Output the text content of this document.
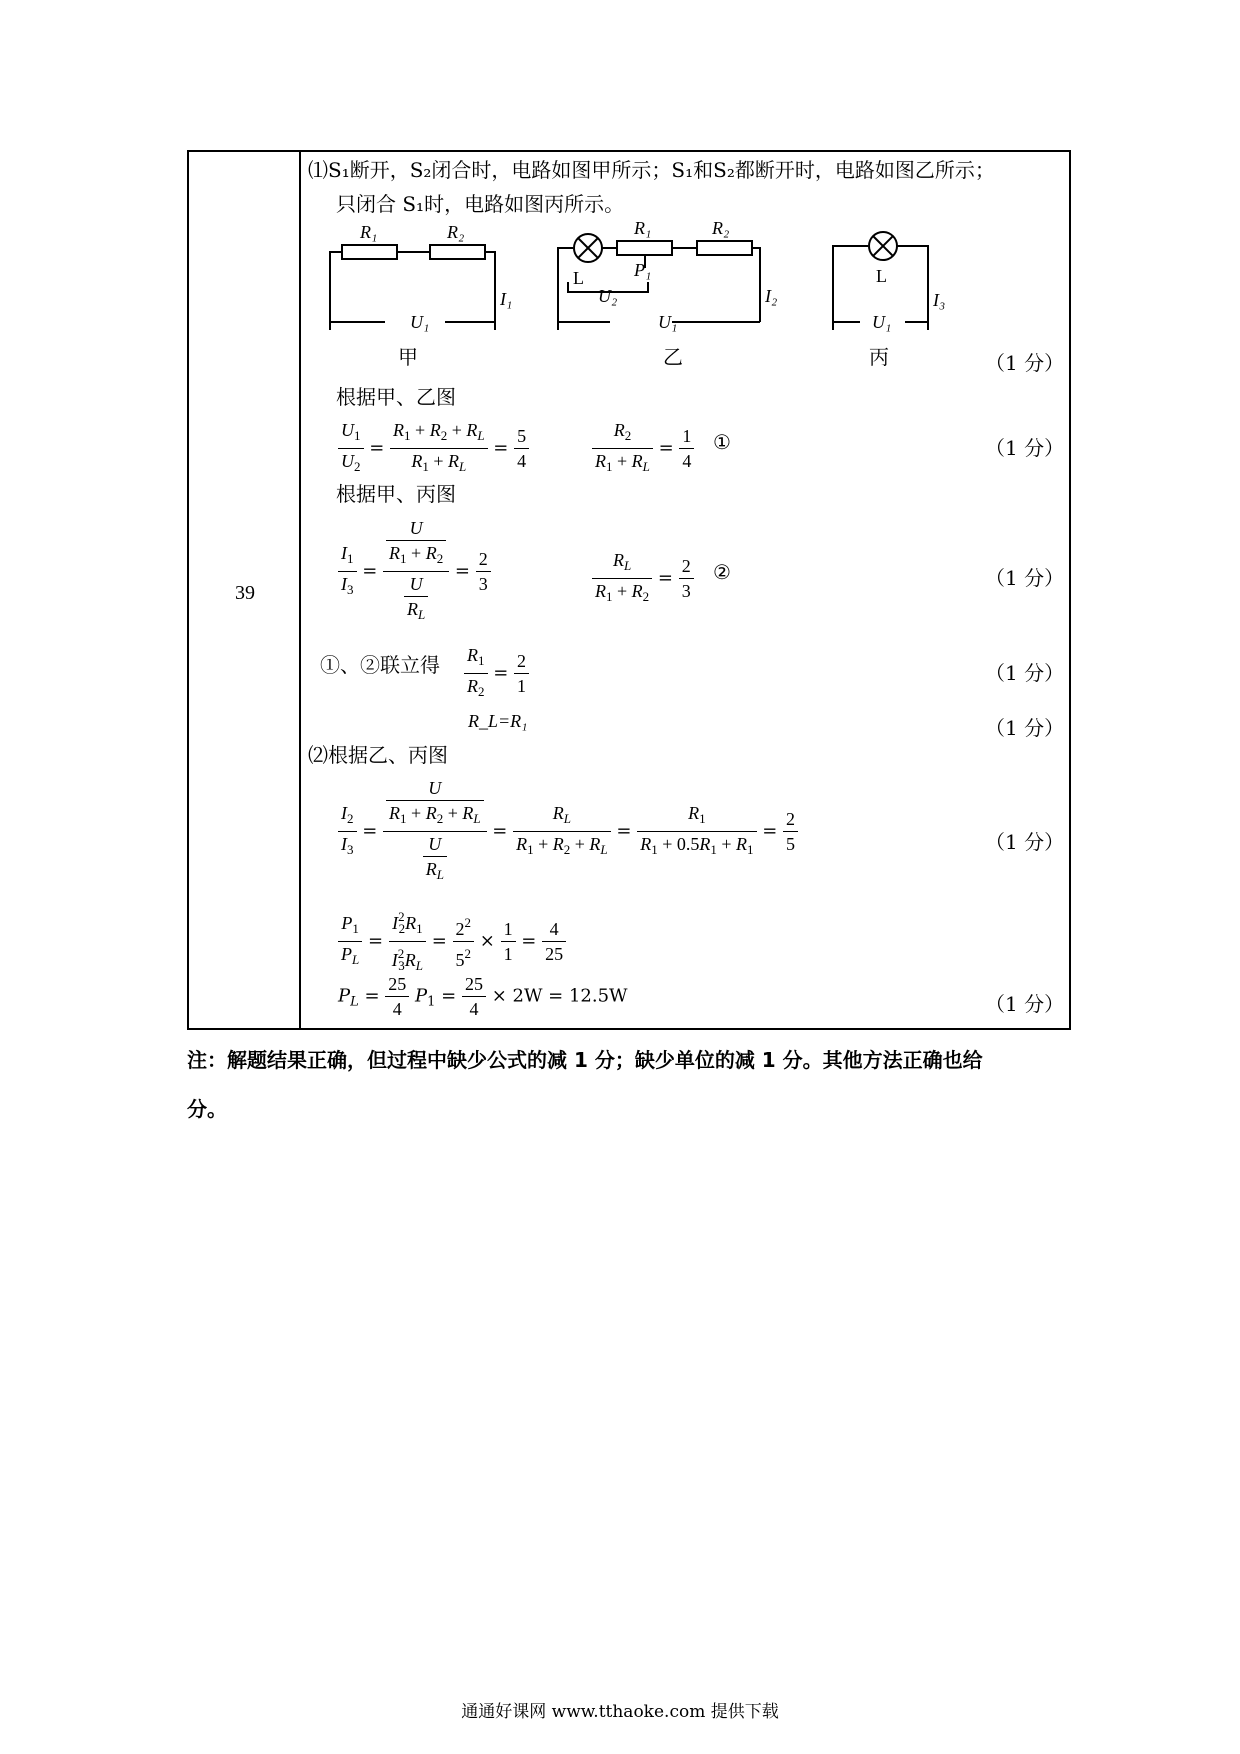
39
⑴S₁断开，S₂闭合时，电路如图甲所示；S₁和S₂都断开时，电路如图乙所示；
只闭合 S₁时，电路如图丙所示。
R₁	R₂
I₁
U₁
L
R₁
P₁
R₂
U₂
U₁
I₂
L
U₁
I₃
甲	乙	丙	（1 分）
根据甲、乙图
$\frac{U_1}{U_2} = \frac{R_1 + R_2 + R_L}{R_1 + R_L} = \frac{5}{4}$	$\frac{R_2}{R_1 + R_L} = \frac{1}{4}$ ①	（1 分）
根据甲、丙图
$\frac{I_1}{I_3} = \frac{\frac{U}{R_1 + R_2}}{\frac{U}{R_L}} = \frac{2}{3}$	$\frac{R_L}{R_1 + R_2} = \frac{2}{3}$ ②	（1 分）
①、②联立得 $\frac{R_1}{R_2} = \frac{2}{1}$	（1 分）
R_L=R₁	（1 分）
⑵根据乙、丙图
$\frac{I_2}{I_3} = \frac{\frac{U}{R_1 + R_2 + R_L}}{\frac{U}{R_L}} = \frac{R_L}{R_1 + R_2 + R_L} = \frac{R_1}{R_1 + 0.5R_1 + R_1} = \frac{2}{5}$	（1 分）
$\frac{P_1}{P_L} = \frac{I^2_2R_1}{I^2_3R_L} = \frac{2^2}{5^2} \times \frac{1}{1} = \frac{4}{25}$
$P_L = \frac{25}{4} P_1 = \frac{25}{4} \times 2W = 12.5W$	（1 分）
注：解题结果正确，但过程中缺少公式的减 1 分；缺少单位的减 1 分。其他方法正确也给
分。
通通好课网 www.tthaoke.com 提供下载
